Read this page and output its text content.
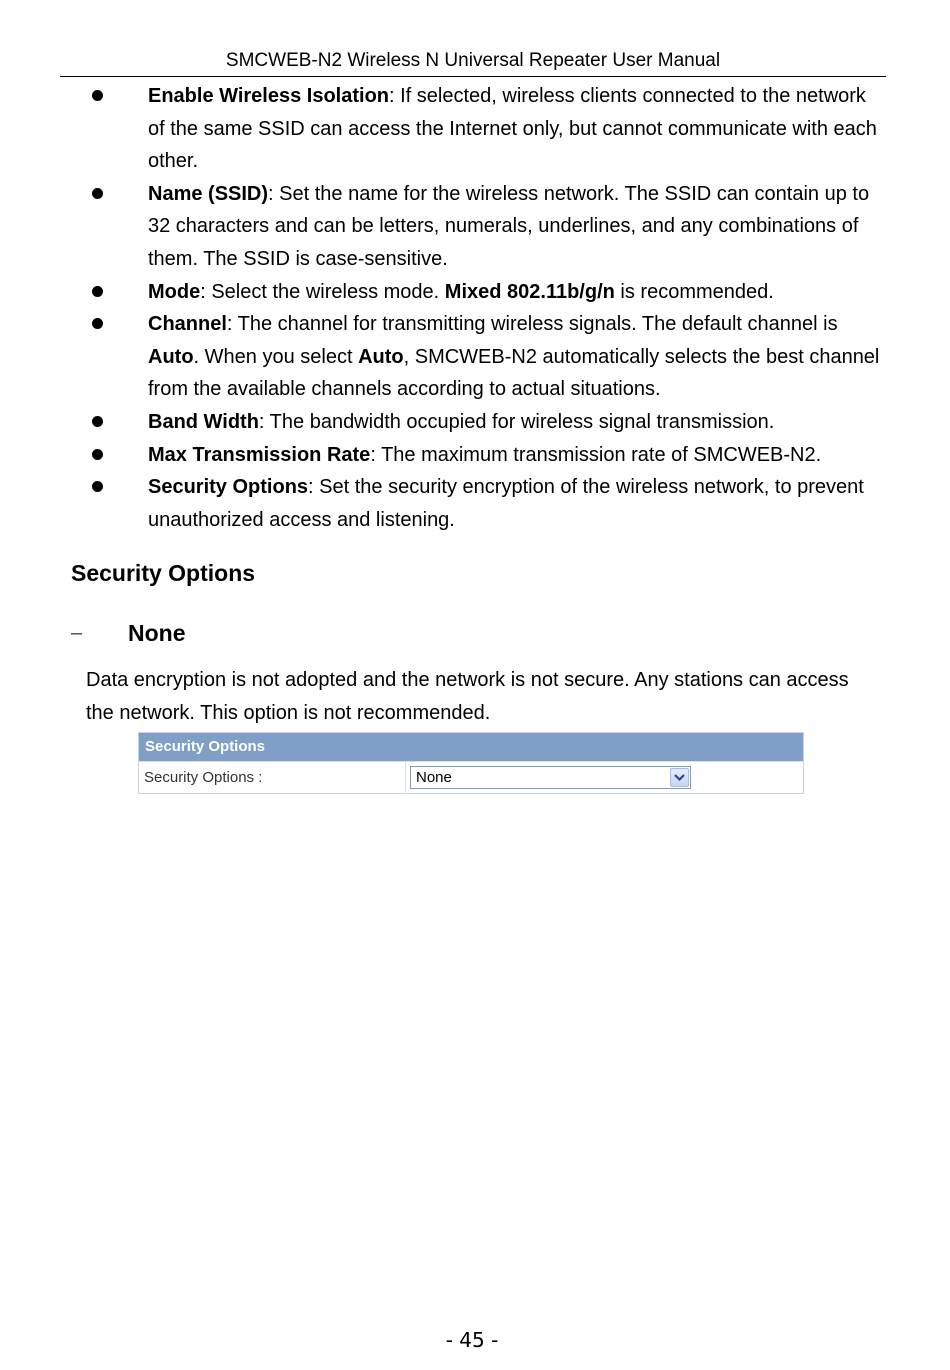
SMCWEB-N2 Wireless N Universal Repeater User Manual
Enable Wireless Isolation: If selected, wireless clients connected to the network of the same SSID can access the Internet only, but cannot communicate with each other.
Name (SSID): Set the name for the wireless network. The SSID can contain up to 32 characters and can be letters, numerals, underlines, and any combinations of them. The SSID is case-sensitive.
Mode: Select the wireless mode. Mixed 802.11b/g/n is recommended.
Channel: The channel for transmitting wireless signals. The default channel is Auto. When you select Auto, SMCWEB-N2 automatically selects the best channel from the available channels according to actual situations.
Band Width: The bandwidth occupied for wireless signal transmission.
Max Transmission Rate: The maximum transmission rate of SMCWEB-N2.
Security Options: Set the security encryption of the wireless network, to prevent unauthorized access and listening.
Security Options
– None
Data encryption is not adopted and the network is not secure. Any stations can access the network. This option is not recommended.
Security Options
Security Options :	None
- 45 -
